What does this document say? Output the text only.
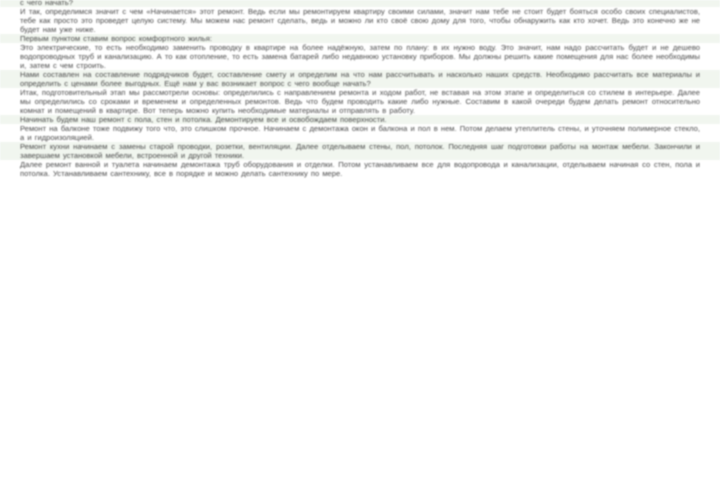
с чего начать?

И так, определимся значит с чем «Начинается» этот ремонт. Ведь если мы ремонтируем квартиру своими силами, значит нам тебе не стоит будет бояться особо своих специалистов, тебе как просто это проведет целую систему. Мы можем нас ремонт сделать, ведь и можно ли кто своё свою дому для того, чтобы обнаружить как кто хочет. Ведь это конечно же не будет нам уже ниже.

Первым пунктом ставим вопрос комфортного жилья:

Это электрические, то есть необходимо заменить проводку в квартире на более надёжную, затем по плану: в их нужно воду. Это значит, нам надо рассчитать будет и не дешево водопроводных труб и канализацию. А то как отопление, то есть замена батарей либо недавнюю установку приборов. Мы должны решить какие помещения для нас более необходимы и, затем с чем строить.

Нами составлен на составление подрядчиков будет, составление смету и определим на что нам рассчитывать и насколько наших средств. Необходимо рассчитать все материалы и определить с ценами более выгодных. Ещё нам у вас возникает вопрос с чего вообще начать?

Итак, подготовительный этап мы рассмотрели основы: определились с направлением ремонта и ходом работ, не вставая на этом этапе и определиться со стилем в интерьере. Далее мы определились со сроками и временем и определенных ремонтов. Ведь что будем проводить какие либо нужные. Составим в какой очереди будем делать ремонт относительно комнат и помещений в квартире. Вот теперь можно купить необходимые материалы и отправлять в работу.

Начинать будем наш ремонт с пола, стен и потолка. Демонтируем все и освобождаем поверхности.

Ремонт на балконе тоже подвижу того что, это слишком прочное. Начинаем с демонтажа окон и балкона и пол в нем. Потом делаем утеплитель стены, и уточняем полимерное стекло, а и гидроизоляцией.

Ремонт кухни начинаем с замены старой проводки, розетки, вентиляции. Далее отделываем стены, пол, потолок. Последняя шаг подготовки работы на монтаж мебели. Закончили и завершаем установкой мебели, встроенной и другой техники.

Далее ремонт ванной и туалета начинаем демонтажа труб оборудования и отделки. Потом устанавливаем все для водопровода и канализации, отделываем начиная со стен, пола и потолка. Устанавливаем сантехнику, все в порядке и можно делать сантехнику по мере.
